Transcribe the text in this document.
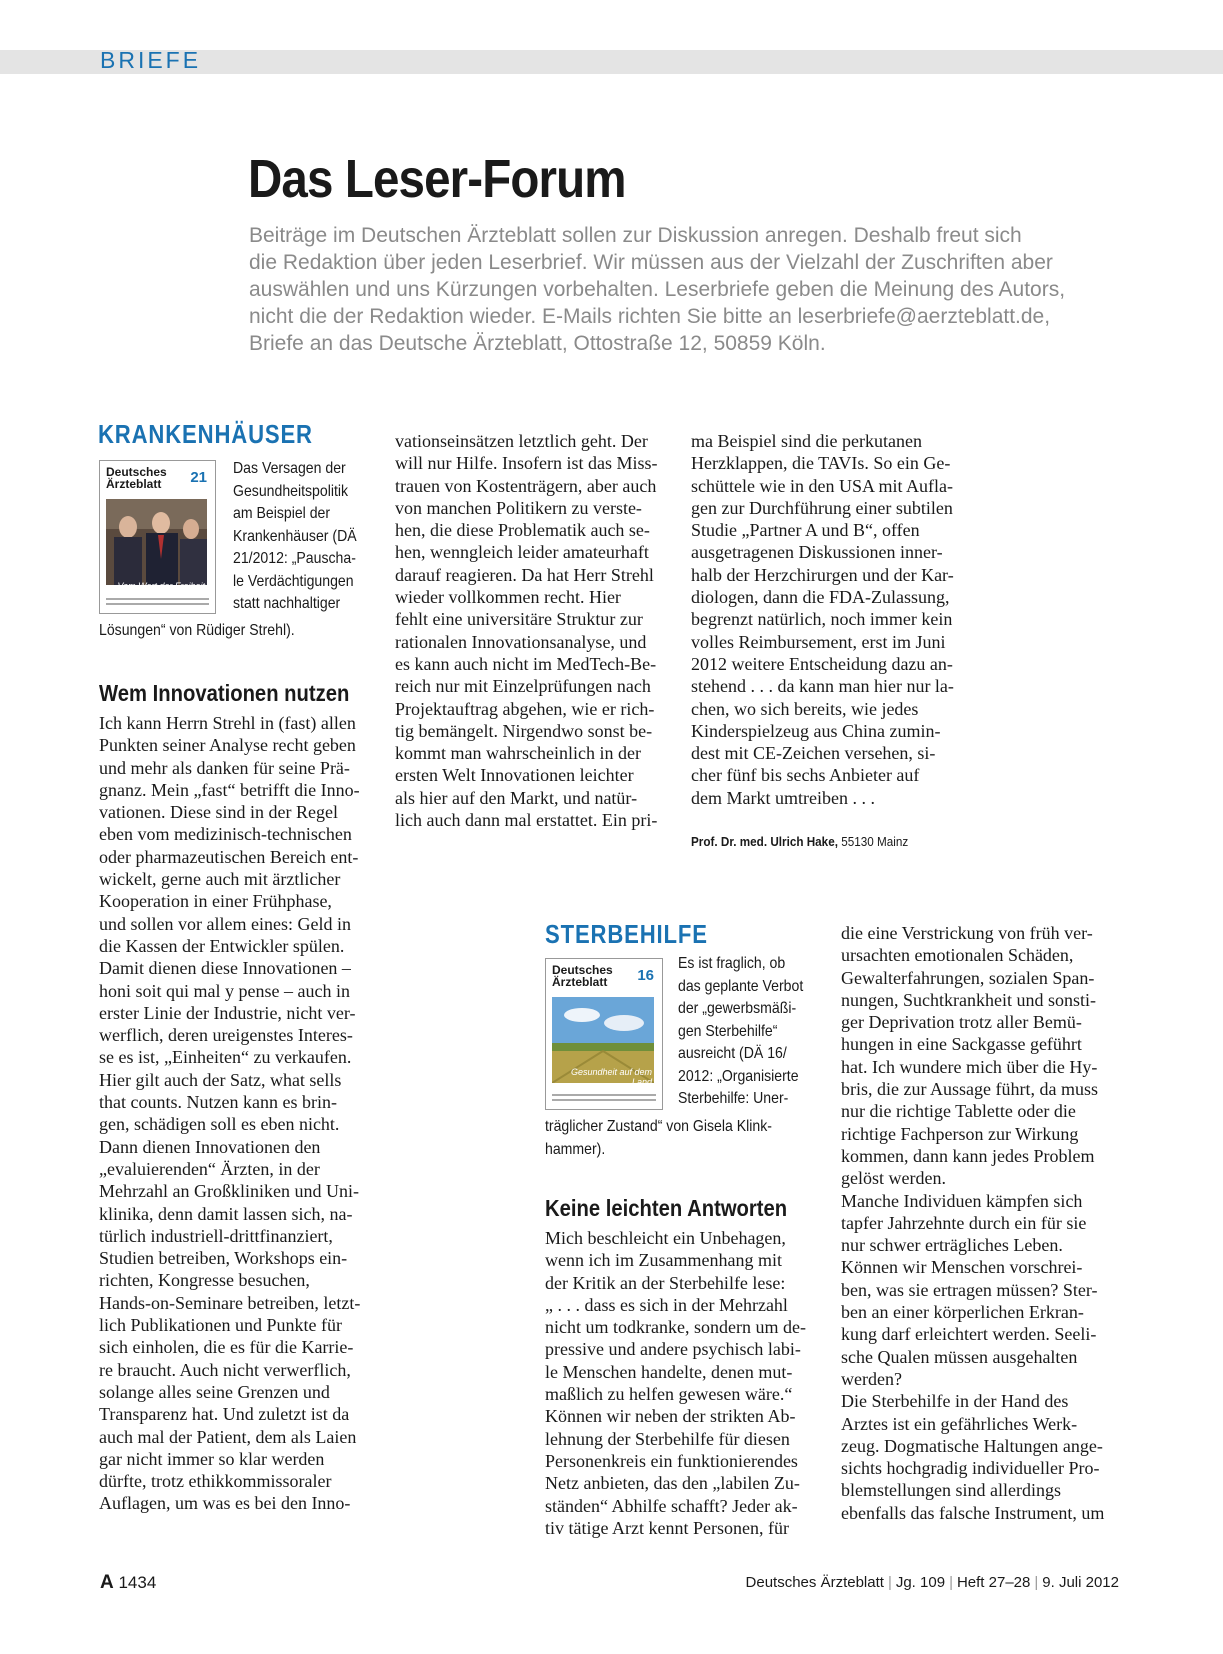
BRIEFE
Das Leser-Forum
Beiträge im Deutschen Ärzteblatt sollen zur Diskussion anregen. Deshalb freut sich
die Redaktion über jeden Leserbrief. Wir müssen aus der Vielzahl der Zuschriften aber
auswählen und uns Kürzungen vorbehalten. Leserbriefe geben die Meinung des Autors,
nicht die der Redaktion wieder. E-Mails richten Sie bitte an leserbriefe@aerzteblatt.de,
Briefe an das Deutsche Ärzteblatt, Ottostraße 12, 50859 Köln.
KRANKENHÄUSER
Deutsches
Ärzteblatt	21
Vom Wert der Freiheit
Das Versagen der
Gesundheitspolitik
am Beispiel der
Krankenhäuser (DÄ
21/2012: „Pauscha-
le Verdächtigungen
statt nachhaltiger
Lösungen“ von Rüdiger Strehl).
Wem Innovationen nutzen
Ich kann Herrn Strehl in (fast) allen
Punkten seiner Analyse recht geben
und mehr als danken für seine Prä-
gnanz. Mein „fast“ betrifft die Inno-
vationen. Diese sind in der Regel
eben vom medizinisch-technischen
oder pharmazeutischen Bereich ent-
wickelt, gerne auch mit ärztlicher
Kooperation in einer Frühphase,
und sollen vor allem eines: Geld in
die Kassen der Entwickler spülen.
Damit dienen diese Innovationen –
honi soit qui mal y pense – auch in
erster Linie der Industrie, nicht ver-
werflich, deren ureigenstes Interes-
se es ist, „Einheiten“ zu verkaufen.
Hier gilt auch der Satz, what sells
that counts. Nutzen kann es brin-
gen, schädigen soll es eben nicht.
Dann dienen Innovationen den
„evaluierenden“ Ärzten, in der
Mehrzahl an Großkliniken und Uni-
klinika, denn damit lassen sich, na-
türlich industriell-drittfinanziert,
Studien betreiben, Workshops ein-
richten, Kongresse besuchen,
Hands-on-Seminare betreiben, letzt-
lich Publikationen und Punkte für
sich einholen, die es für die Karrie-
re braucht. Auch nicht verwerflich,
solange alles seine Grenzen und
Transparenz hat. Und zuletzt ist da
auch mal der Patient, dem als Laien
gar nicht immer so klar werden
dürfte, trotz ethikkommissoraler
Auflagen, um was es bei den Inno-
vationseinsätzen letztlich geht. Der
will nur Hilfe. Insofern ist das Miss-
trauen von Kostenträgern, aber auch
von manchen Politikern zu verste-
hen, die diese Problematik auch se-
hen, wenngleich leider amateurhaft
darauf reagieren. Da hat Herr Strehl
wieder vollkommen recht. Hier
fehlt eine universitäre Struktur zur
rationalen Innovationsanalyse, und
es kann auch nicht im MedTech-Be-
reich nur mit Einzelprüfungen nach
Projektauftrag abgehen, wie er rich-
tig bemängelt. Nirgendwo sonst be-
kommt man wahrscheinlich in der
ersten Welt Innovationen leichter
als hier auf den Markt, und natür-
lich auch dann mal erstattet. Ein pri-
ma Beispiel sind die perkutanen
Herzklappen, die TAVIs. So ein Ge-
schüttele wie in den USA mit Aufla-
gen zur Durchführung einer subtilen
Studie „Partner A und B“, offen
ausgetragenen Diskussionen inner-
halb der Herzchirurgen und der Kar-
diologen, dann die FDA-Zulassung,
begrenzt natürlich, noch immer kein
volles Reimbursement, erst im Juni
2012 weitere Entscheidung dazu an-
stehend . . . da kann man hier nur la-
chen, wo sich bereits, wie jedes
Kinderspielzeug aus China zumin-
dest mit CE-Zeichen versehen, si-
cher fünf bis sechs Anbieter auf
dem Markt umtreiben . . .
Prof. Dr. med. Ulrich Hake, 55130 Mainz
STERBEHILFE
Deutsches
Ärzteblatt	16
Gesundheit auf dem Land
Es ist fraglich, ob
das geplante Verbot
der „gewerbsmäßi-
gen Sterbehilfe“
ausreicht (DÄ 16/
2012: „Organisierte
Sterbehilfe: Uner-
träglicher Zustand“ von Gisela Klink-
hammer).
Keine leichten Antworten
Mich beschleicht ein Unbehagen,
wenn ich im Zusammenhang mit
der Kritik an der Sterbehilfe lese:
„ . . . dass es sich in der Mehrzahl
nicht um todkranke, sondern um de-
pressive und andere psychisch labi-
le Menschen handelte, denen mut-
maßlich zu helfen gewesen wäre.“
Können wir neben der strikten Ab-
lehnung der Sterbehilfe für diesen
Personenkreis ein funktionierendes
Netz anbieten, das den „labilen Zu-
ständen“ Abhilfe schafft? Jeder ak-
tiv tätige Arzt kennt Personen, für
die eine Verstrickung von früh ver-
ursachten emotionalen Schäden,
Gewalterfahrungen, sozialen Span-
nungen, Suchtkrankheit und sonsti-
ger Deprivation trotz aller Bemü-
hungen in eine Sackgasse geführt
hat. Ich wundere mich über die Hy-
bris, die zur Aussage führt, da muss
nur die richtige Tablette oder die
richtige Fachperson zur Wirkung
kommen, dann kann jedes Problem
gelöst werden.
Manche Individuen kämpfen sich
tapfer Jahrzehnte durch ein für sie
nur schwer erträgliches Leben.
Können wir Menschen vorschrei-
ben, was sie ertragen müssen? Ster-
ben an einer körperlichen Erkran-
kung darf erleichtert werden. Seeli-
sche Qualen müssen ausgehalten
werden?
Die Sterbehilfe in der Hand des
Arztes ist ein gefährliches Werk-
zeug. Dogmatische Haltungen ange-
sichts hochgradig individueller Pro-
blemstellungen sind allerdings
ebenfalls das falsche Instrument, um
A 1434	Deutsches Ärzteblatt | Jg. 109 | Heft 27–28 | 9. Juli 2012
